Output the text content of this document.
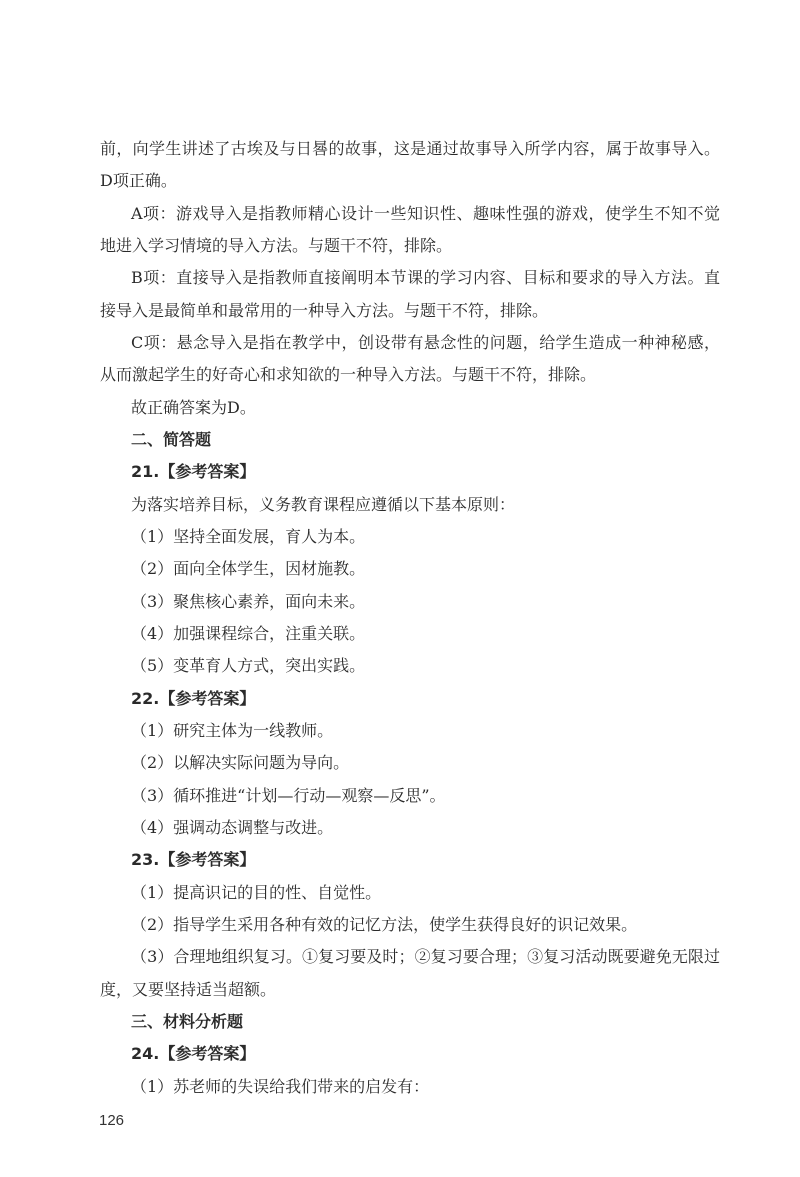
前，向学生讲述了古埃及与日晷的故事，这是通过故事导入所学内容，属于故事导入。
D项正确。
A项：游戏导入是指教师精心设计一些知识性、趣味性强的游戏，使学生不知不觉
地进入学习情境的导入方法。与题干不符，排除。
B项：直接导入是指教师直接阐明本节课的学习内容、目标和要求的导入方法。直
接导入是最简单和最常用的一种导入方法。与题干不符，排除。
C项：悬念导入是指在教学中，创设带有悬念性的问题，给学生造成一种神秘感，
从而激起学生的好奇心和求知欲的一种导入方法。与题干不符，排除。
故正确答案为D。
二、简答题
21.【参考答案】
为落实培养目标，义务教育课程应遵循以下基本原则：
（1）坚持全面发展，育人为本。
（2）面向全体学生，因材施教。
（3）聚焦核心素养，面向未来。
（4）加强课程综合，注重关联。
（5）变革育人方式，突出实践。
22.【参考答案】
（1）研究主体为一线教师。
（2）以解决实际问题为导向。
（3）循环推进“计划—行动—观察—反思”。
（4）强调动态调整与改进。
23.【参考答案】
（1）提高识记的目的性、自觉性。
（2）指导学生采用各种有效的记忆方法，使学生获得良好的识记效果。
（3）合理地组织复习。①复习要及时；②复习要合理；③复习活动既要避免无限过
度，又要坚持适当超额。
三、材料分析题
24.【参考答案】
（1）苏老师的失误给我们带来的启发有：
126
